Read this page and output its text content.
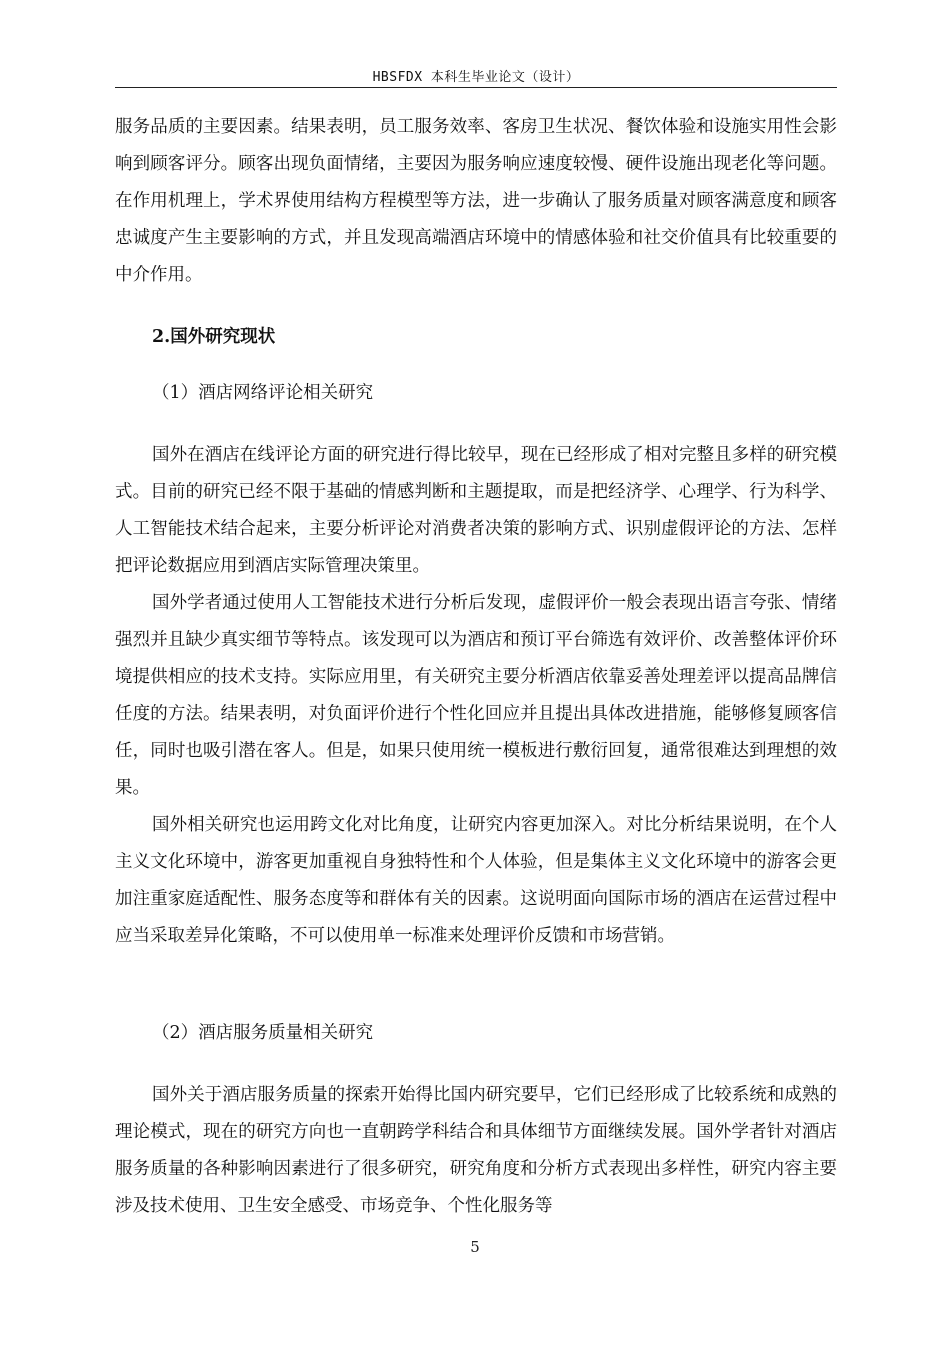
HBSFDX 本科生毕业论文（设计）

服务品质的主要因素。结果表明，员工服务效率、客房卫生状况、餐饮体验和设施实用性会影响到顾客评分。顾客出现负面情绪，主要因为服务响应速度较慢、硬件设施出现老化等问题。在作用机理上，学术界使用结构方程模型等方法，进一步确认了服务质量对顾客满意度和顾客忠诚度产生主要影响的方式，并且发现高端酒店环境中的情感体验和社交价值具有比较重要的中介作用。

2.国外研究现状

（1）酒店网络评论相关研究

国外在酒店在线评论方面的研究进行得比较早，现在已经形成了相对完整且多样的研究模式。目前的研究已经不限于基础的情感判断和主题提取，而是把经济学、心理学、行为科学、人工智能技术结合起来，主要分析评论对消费者决策的影响方式、识别虚假评论的方法、怎样把评论数据应用到酒店实际管理决策里。

国外学者通过使用人工智能技术进行分析后发现，虚假评价一般会表现出语言夸张、情绪强烈并且缺少真实细节等特点。该发现可以为酒店和预订平台筛选有效评价、改善整体评价环境提供相应的技术支持。实际应用里，有关研究主要分析酒店依靠妥善处理差评以提高品牌信任度的方法。结果表明，对负面评价进行个性化回应并且提出具体改进措施，能够修复顾客信任，同时也吸引潜在客人。但是，如果只使用统一模板进行敷衍回复，通常很难达到理想的效果。

国外相关研究也运用跨文化对比角度，让研究内容更加深入。对比分析结果说明，在个人主义文化环境中，游客更加重视自身独特性和个人体验，但是集体主义文化环境中的游客会更加注重家庭适配性、服务态度等和群体有关的因素。这说明面向国际市场的酒店在运营过程中应当采取差异化策略，不可以使用单一标准来处理评价反馈和市场营销。

（2）酒店服务质量相关研究

国外关于酒店服务质量的探索开始得比国内研究要早，它们已经形成了比较系统和成熟的理论模式，现在的研究方向也一直朝跨学科结合和具体细节方面继续发展。国外学者针对酒店服务质量的各种影响因素进行了很多研究，研究角度和分析方式表现出多样性，研究内容主要涉及技术使用、卫生安全感受、市场竞争、个性化服务等

5
